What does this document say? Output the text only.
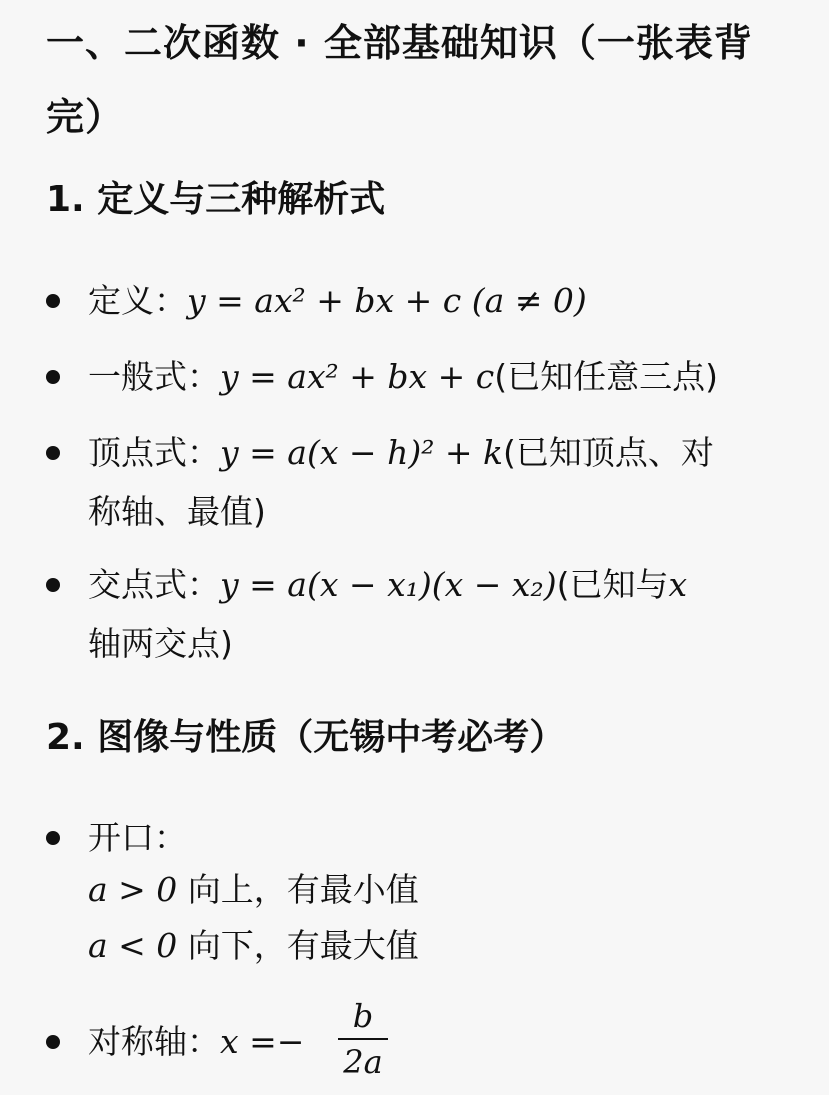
一、二次函数 · 全部基础知识（一张表背完）
1. 定义与三种解析式
定义：y = ax² + bx + c (a ≠ 0)
一般式：y = ax² + bx + c(已知任意三点)
顶点式：y = a(x − h)² + k(已知顶点、对
称轴、最值)
交点式：y = a(x − x₁)(x − x₂)(已知与x
轴两交点)
2. 图像与性质（无锡中考必考）
开口：
a > 0 向上，有最小值
a < 0 向下，有最大值
对称轴：x =−
b
2a
